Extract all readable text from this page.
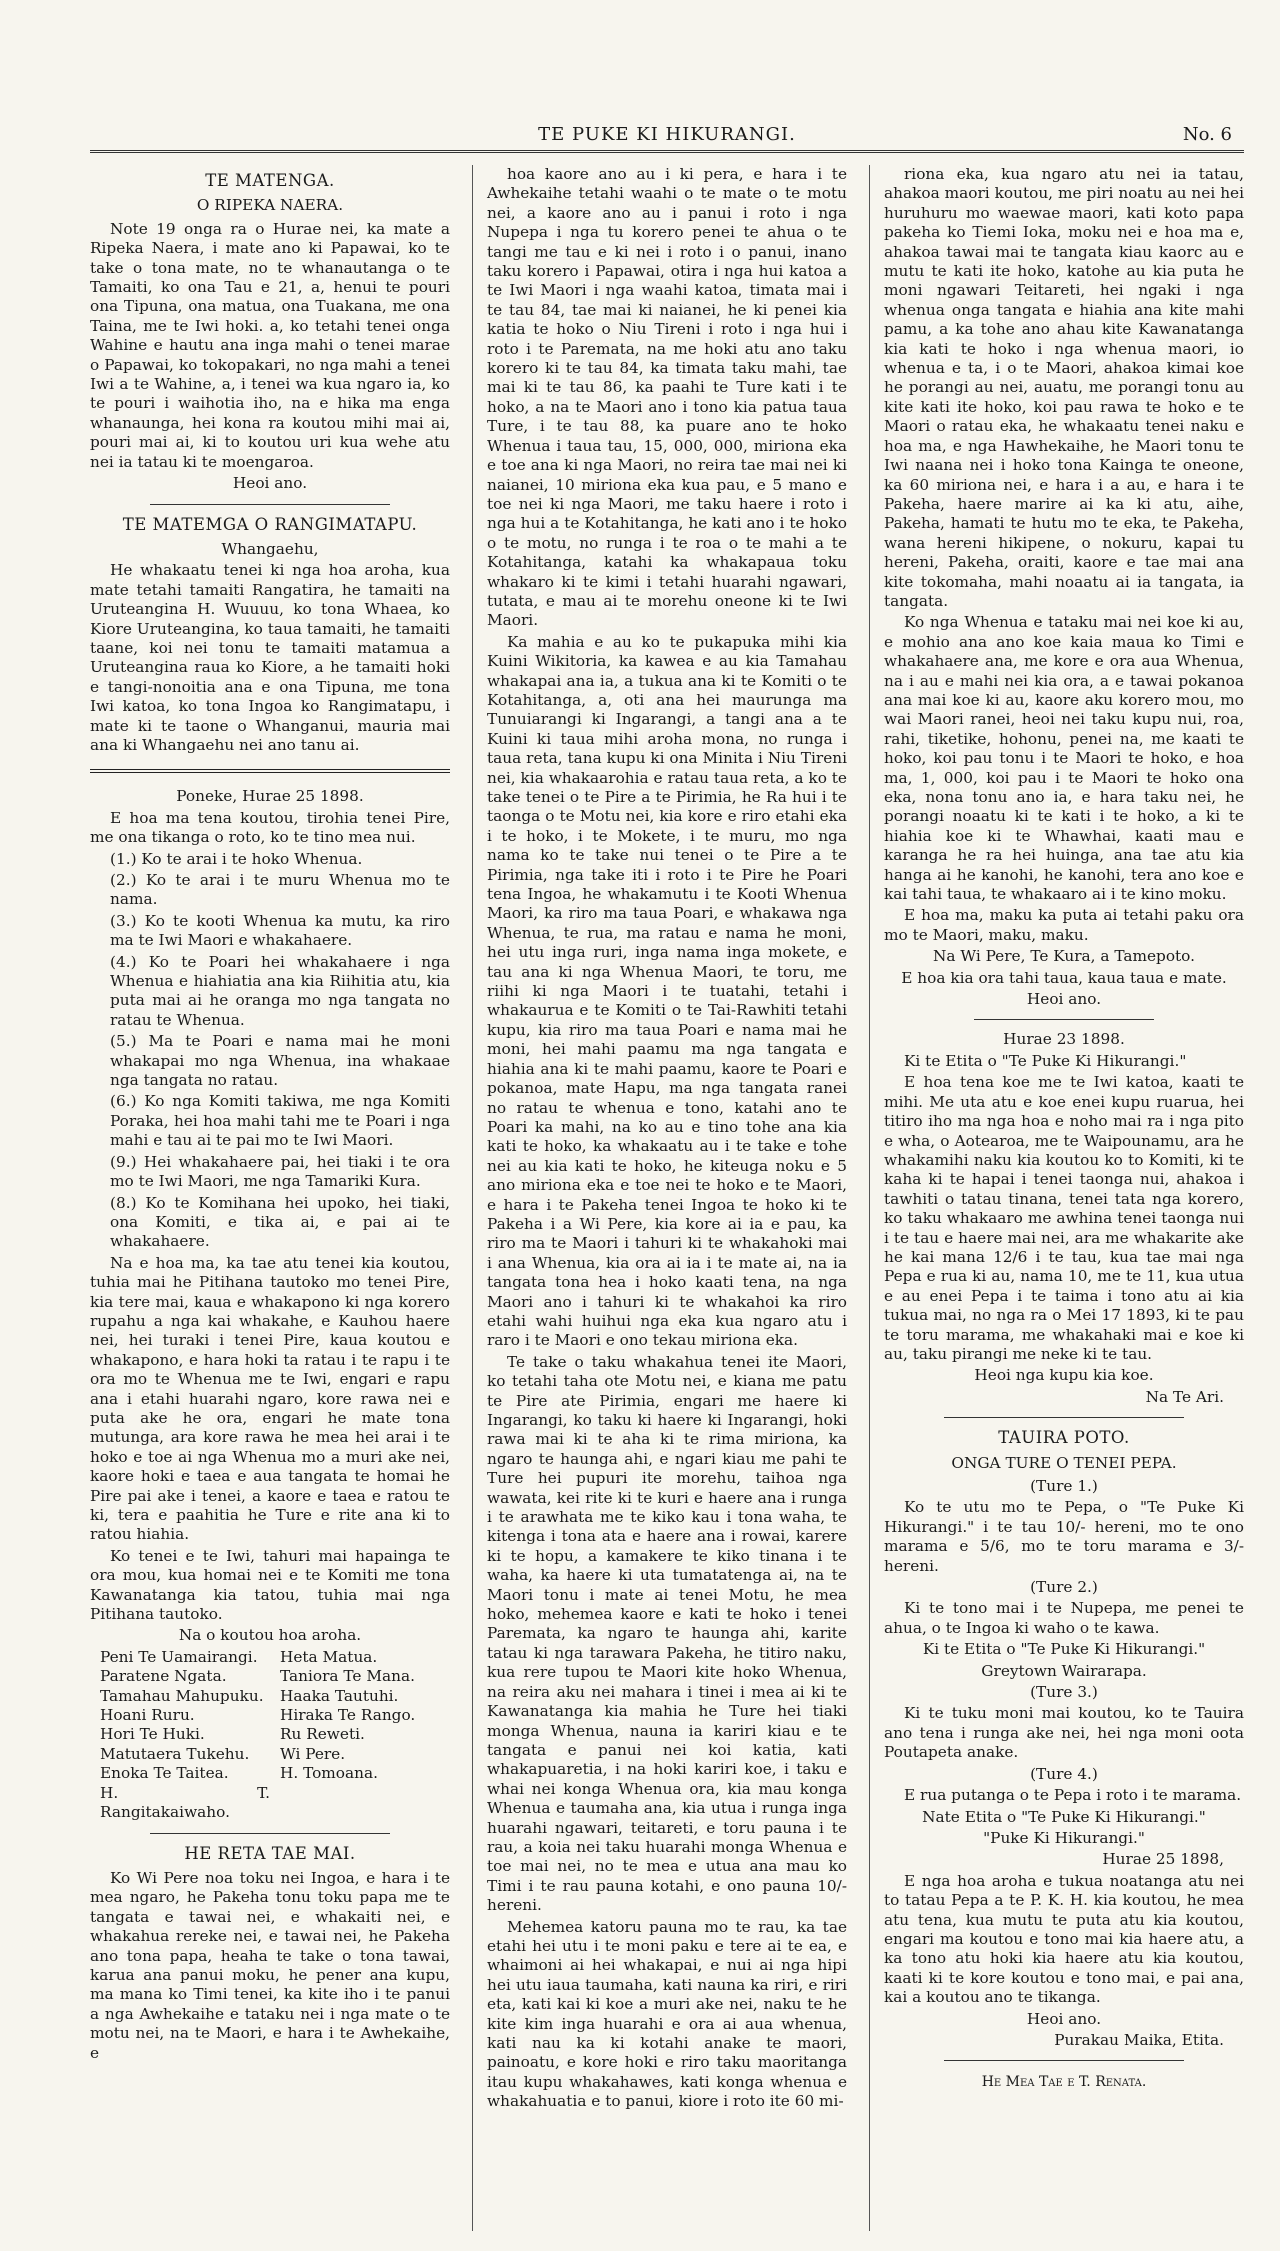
TE PUKE KI HIKURANGI.	No. 6
TE MATENGA.
O RIPEKA NAERA.

Note 19 onga ra o Hurae nei, ka mate a Ripeka Naera, i mate ano ki Papawai, ko te take o tona mate, no te whanautanga o te Tamaiti, ko ona Tau e 21, a, henui te pouri ona Tipuna, ona matua, ona Tuakana, me ona Taina, me te Iwi hoki. a, ko tetahi tenei onga Wahine e hautu ana inga mahi o tenei marae o Papawai, ko tokopakari, no nga mahi a tenei Iwi a te Wahine, a, i tenei wa kua ngaro ia, ko te pouri i waihotia iho, na e hika ma enga whanaunga, hei kona ra koutou mihi mai ai, pouri mai ai, ki to koutou uri kua wehe atu nei ia tatau ki te moengaroa.

Heoi ano.

TE MATEMGA O RANGIMATAPU.

Whangaehu,

He whakaatu tenei ki nga hoa aroha, kua mate tetahi tamaiti Rangatira, he tamaiti na Uruteangina H. Wuuuu, ko tona Whaea, ko Kiore Uruteangina, ko taua tamaiti, he tamaiti taane, koi nei tonu te tamaiti matamua a Uruteangina raua ko Kiore, a he tamaiti hoki e tangi-nonoitia ana e ona Tipuna, me tona Iwi katoa, ko tona Ingoa ko Rangimatapu, i mate ki te taone o Whanganui, mauria mai ana ki Whangaehu nei ano tanu ai.

Poneke, Hurae 25 1898.

E hoa ma tena koutou, tirohia tenei Pire, me ona tikanga o roto, ko te tino mea nui.

(1.) Ko te arai i te hoko Whenua.

(2.) Ko te arai i te muru Whenua mo te nama.

(3.) Ko te kooti Whenua ka mutu, ka riro ma te Iwi Maori e whakahaere.

(4.) Ko te Poari hei whakahaere i nga Whenua e hiahiatia ana kia Riihitia atu, kia puta mai ai he oranga mo nga tangata no ratau te Whenua.

(5.) Ma te Poari e nama mai he moni whakapai mo nga Whenua, ina whakaae nga tangata no ratau.

(6.) Ko nga Komiti takiwa, me nga Komiti Poraka, hei hoa mahi tahi me te Poari i nga mahi e tau ai te pai mo te Iwi Maori.

(9.) Hei whakahaere pai, hei tiaki i te ora mo te Iwi Maori, me nga Tamariki Kura.

(8.) Ko te Komihana hei upoko, hei tiaki, ona Komiti, e tika ai, e pai ai te whakahaere.

Na e hoa ma, ka tae atu tenei kia koutou, tuhia mai he Pitihana tautoko mo tenei Pire, kia tere mai, kaua e whakapono ki nga korero rupahu a nga kai whakahe, e Kauhou haere nei, hei turaki i tenei Pire, kaua koutou e whakapono, e hara hoki ta ratau i te rapu i te ora mo te Whenua me te Iwi, engari e rapu ana i etahi huarahi ngaro, kore rawa nei e puta ake he ora, engari he mate tona mutunga, ara kore rawa he mea hei arai i te hoko e toe ai nga Whenua mo a muri ake nei, kaore hoki e taea e aua tangata te homai he Pire pai ake i tenei, a kaore e taea e ratou te ki, tera e paahitia he Ture e rite ana ki to ratou hiahia.

Ko tenei e te Iwi, tahuri mai hapainga te ora mou, kua homai nei e te Komiti me tona Kawanatanga kia tatou, tuhia mai nga Pitihana tautoko.

Na o koutou hoa aroha.

Peni Te Uamairangi.	Heta Matua.
Paratene Ngata.	Taniora Te Mana.
Tamahau Mahupuku.	Haaka Tautuhi.
Hoani Ruru.	Hiraka Te Rango.
Hori Te Huki.	Ru Reweti.
Matutaera Tukehu.	Wi Pere.
Enoka Te Taitea.	H. Tomoana.
H. T. Rangitakaiwaho.
HE RETA TAE MAI.

Ko Wi Pere noa toku nei Ingoa, e hara i te mea ngaro, he Pakeha tonu toku papa me te tangata e tawai nei, e whakaiti nei, e whakahua rereke nei, e tawai nei, he Pakeha ano tona papa, heaha te take o tona tawai, karua ana panui moku, he pener ana kupu, ma mana ko Timi tenei, ka kite iho i te panui a nga Awhekaihe e tataku nei i nga mate o te motu nei, na te Maori, e hara i te Awhekaihe, e

hoa kaore ano au i ki pera, e hara i te Awhekaihe tetahi waahi o te mate o te motu nei, a kaore ano au i panui i roto i nga Nupepa i nga tu korero penei te ahua o te tangi me tau e ki nei i roto i o panui, inano taku korero i Papawai, otira i nga hui katoa a te Iwi Maori i nga waahi katoa, timata mai i te tau 84, tae mai ki naianei, he ki penei kia katia te hoko o Niu Tireni i roto i nga hui i roto i te Paremata, na me hoki atu ano taku korero ki te tau 84, ka timata taku mahi, tae mai ki te tau 86, ka paahi te Ture kati i te hoko, a na te Maori ano i tono kia patua taua Ture, i te tau 88, ka puare ano te hoko Whenua i taua tau, 15, 000, 000, miriona eka e toe ana ki nga Maori, no reira tae mai nei ki naianei, 10 miriona eka kua pau, e 5 mano e toe nei ki nga Maori, me taku haere i roto i nga hui a te Kotahitanga, he kati ano i te hoko o te motu, no runga i te roa o te mahi a te Kotahitanga, katahi ka whakapaua toku whakaro ki te kimi i tetahi huarahi ngawari, tutata, e mau ai te morehu oneone ki te Iwi Maori.

Ka mahia e au ko te pukapuka mihi kia Kuini Wikitoria, ka kawea e au kia Tamahau whakapai ana ia, a tukua ana ki te Komiti o te Kotahitanga, a, oti ana hei maurunga ma Tunuiarangi ki Ingarangi, a tangi ana a te Kuini ki taua mihi aroha mona, no runga i taua reta, tana kupu ki ona Minita i Niu Tireni nei, kia whakaarohia e ratau taua reta, a ko te take tenei o te Pire a te Pirimia, he Ra hui i te taonga o te Motu nei, kia kore e riro etahi eka i te hoko, i te Mokete, i te muru, mo nga nama ko te take nui tenei o te Pire a te Pirimia, nga take iti i roto i te Pire he Poari tena Ingoa, he whakamutu i te Kooti Whenua Maori, ka riro ma taua Poari, e whakawa nga Whenua, te rua, ma ratau e nama he moni, hei utu inga ruri, inga nama inga mokete, e tau ana ki nga Whenua Maori, te toru, me riihi ki nga Maori i te tuatahi, tetahi i whakaurua e te Komiti o te Tai-Rawhiti tetahi kupu, kia riro ma taua Poari e nama mai he moni, hei mahi paamu ma nga tangata e hiahia ana ki te mahi paamu, kaore te Poari e pokanoa, mate Hapu, ma nga tangata ranei no ratau te whenua e tono, katahi ano te Poari ka mahi, na ko au e tino tohe ana kia kati te hoko, ka whakaatu au i te take e tohe nei au kia kati te hoko, he kiteuga noku e 5 ano miriona eka e toe nei te hoko e te Maori, e hara i te Pakeha tenei Ingoa te hoko ki te Pakeha i a Wi Pere, kia kore ai ia e pau, ka riro ma te Maori i tahuri ki te whakahoki mai i ana Whenua, kia ora ai ia i te mate ai, na ia tangata tona hea i hoko kaati tena, na nga Maori ano i tahuri ki te whakahoi ka riro etahi wahi huihui nga eka kua ngaro atu i raro i te Maori e ono tekau miriona eka.

Te take o taku whakahua tenei ite Maori, ko tetahi taha ote Motu nei, e kiana me patu te Pire ate Pirimia, engari me haere ki Ingarangi, ko taku ki haere ki Ingarangi, hoki rawa mai ki te aha ki te rima miriona, ka ngaro te haunga ahi, e ngari kiau me pahi te Ture hei pupuri ite morehu, taihoa nga wawata, kei rite ki te kuri e haere ana i runga i te arawhata me te kiko kau i tona waha, te kitenga i tona ata e haere ana i rowai, karere ki te hopu, a kamakere te kiko tinana i te waha, ka haere ki uta tumatatenga ai, na te Maori tonu i mate ai tenei Motu, he mea hoko, mehemea kaore e kati te hoko i tenei Paremata, ka ngaro te haunga ahi, karite tatau ki nga tarawara Pakeha, he titiro naku, kua rere tupou te Maori kite hoko Whenua, na reira aku nei mahara i tinei i mea ai ki te Kawanatanga kia mahia he Ture hei tiaki monga Whenua, nauna ia kariri kiau e te tangata e panui nei koi katia, kati whakapuaretia, i na hoki kariri koe, i taku e whai nei konga Whenua ora, kia mau konga Whenua e taumaha ana, kia utua i runga inga huarahi ngawari, teitareti, e toru pauna i te rau, a koia nei taku huarahi monga Whenua e toe mai nei, no te mea e utua ana mau ko Timi i te rau pauna kotahi, e ono pauna 10/- hereni.

Mehemea katoru pauna mo te rau, ka tae etahi hei utu i te moni paku e tere ai te ea, e whaimoni ai hei whakapai, e nui ai nga hipi hei utu iaua taumaha, kati nauna ka riri, e riri eta, kati kai ki koe a muri ake nei, naku te he kite kim inga huarahi e ora ai aua whenua, kati nau ka ki kotahi anake te maori, painoatu, e kore hoki e riro taku maoritanga itau kupu whakahawes, kati konga whenua e whakahuatia e to panui, kiore i roto ite 60 mi-

riona eka, kua ngaro atu nei ia tatau, ahakoa maori koutou, me piri noatu au nei hei huruhuru mo waewae maori, kati koto papa pakeha ko Tiemi Ioka, moku nei e hoa ma e, ahakoa tawai mai te tangata kiau kaorc au e mutu te kati ite hoko, katohe au kia puta he moni ngawari Teitareti, hei ngaki i nga whenua onga tangata e hiahia ana kite mahi pamu, a ka tohe ano ahau kite Kawanatanga kia kati te hoko i nga whenua maori, io whenua e ta, i o te Maori, ahakoa kimai koe he porangi au nei, auatu, me porangi tonu au kite kati ite hoko, koi pau rawa te hoko e te Maori o ratau eka, he whakaatu tenei naku e hoa ma, e nga Hawhekaihe, he Maori tonu te Iwi naana nei i hoko tona Kainga te oneone, ka 60 miriona nei, e hara i a au, e hara i te Pakeha, haere marire ai ka ki atu, aihe, Pakeha, hamati te hutu mo te eka, te Pakeha, wana hereni hikipene, o nokuru, kapai tu hereni, Pakeha, oraiti, kaore e tae mai ana kite tokomaha, mahi noaatu ai ia tangata, ia tangata.

Ko nga Whenua e tataku mai nei koe ki au, e mohio ana ano koe kaia maua ko Timi e whakahaere ana, me kore e ora aua Whenua, na i au e mahi nei kia ora, a e tawai pokanoa ana mai koe ki au, kaore aku korero mou, mo wai Maori ranei, heoi nei taku kupu nui, roa, rahi, tiketike, hohonu, penei na, me kaati te hoko, koi pau tonu i te Maori te hoko, e hoa ma, 1, 000, koi pau i te Maori te hoko ona eka, nona tonu ano ia, e hara taku nei, he porangi noaatu ki te kati i te hoko, a ki te hiahia koe ki te Whawhai, kaati mau e karanga he ra hei huinga, ana tae atu kia hanga ai he kanohi, he kanohi, tera ano koe e kai tahi taua, te whakaaro ai i te kino moku.

E hoa ma, maku ka puta ai tetahi paku ora mo te Maori, maku, maku.

Na Wi Pere, Te Kura, a Tamepoto.

E hoa kia ora tahi taua, kaua taua e mate.

Heoi ano.

Hurae 23 1898.

Ki te Etita o "Te Puke Ki Hikurangi."

E hoa tena koe me te Iwi katoa, kaati te mihi. Me uta atu e koe enei kupu ruarua, hei titiro iho ma nga hoa e noho mai ra i nga pito e wha, o Aotearoa, me te Waipounamu, ara he whakamihi naku kia koutou ko to Komiti, ki te kaha ki te hapai i tenei taonga nui, ahakoa i tawhiti o tatau tinana, tenei tata nga korero, ko taku whakaaro me awhina tenei taonga nui i te tau e haere mai nei, ara me whakarite ake he kai mana 12/6 i te tau, kua tae mai nga Pepa e rua ki au, nama 10, me te 11, kua utua e au enei Pepa i te taima i tono atu ai kia tukua mai, no nga ra o Mei 17 1893, ki te pau te toru marama, me whakahaki mai e koe ki au, taku pirangi me neke ki te tau.

Heoi nga kupu kia koe.

Na Te Ari.

TAUIRA POTO.
ONGA TURE O TENEI PEPA.

(Ture 1.)

Ko te utu mo te Pepa, o "Te Puke Ki Hikurangi." i te tau 10/- hereni, mo te ono marama e 5/6, mo te toru marama e 3/- hereni.

(Ture 2.)

Ki te tono mai i te Nupepa, me penei te ahua, o te Ingoa ki waho o te kawa.

Ki te Etita o "Te Puke Ki Hikurangi."

Greytown Wairarapa.

(Ture 3.)

Ki te tuku moni mai koutou, ko te Tauira ano tena i runga ake nei, hei nga moni oota Poutapeta anake.

(Ture 4.)

E rua putanga o te Pepa i roto i te marama.

Nate Etita o "Te Puke Ki Hikurangi."

"Puke Ki Hikurangi."

Hurae 25 1898,

E nga hoa aroha e tukua noatanga atu nei to tatau Pepa a te P. K. H. kia koutou, he mea atu tena, kua mutu te puta atu kia koutou, engari ma koutou e tono mai kia haere atu, a ka tono atu hoki kia haere atu kia koutou, kaati ki te kore koutou e tono mai, e pai ana, kai a koutou ano te tikanga.

Heoi ano.

Purakau Maika, Etita.

He Mea Tae e T. Renata.
